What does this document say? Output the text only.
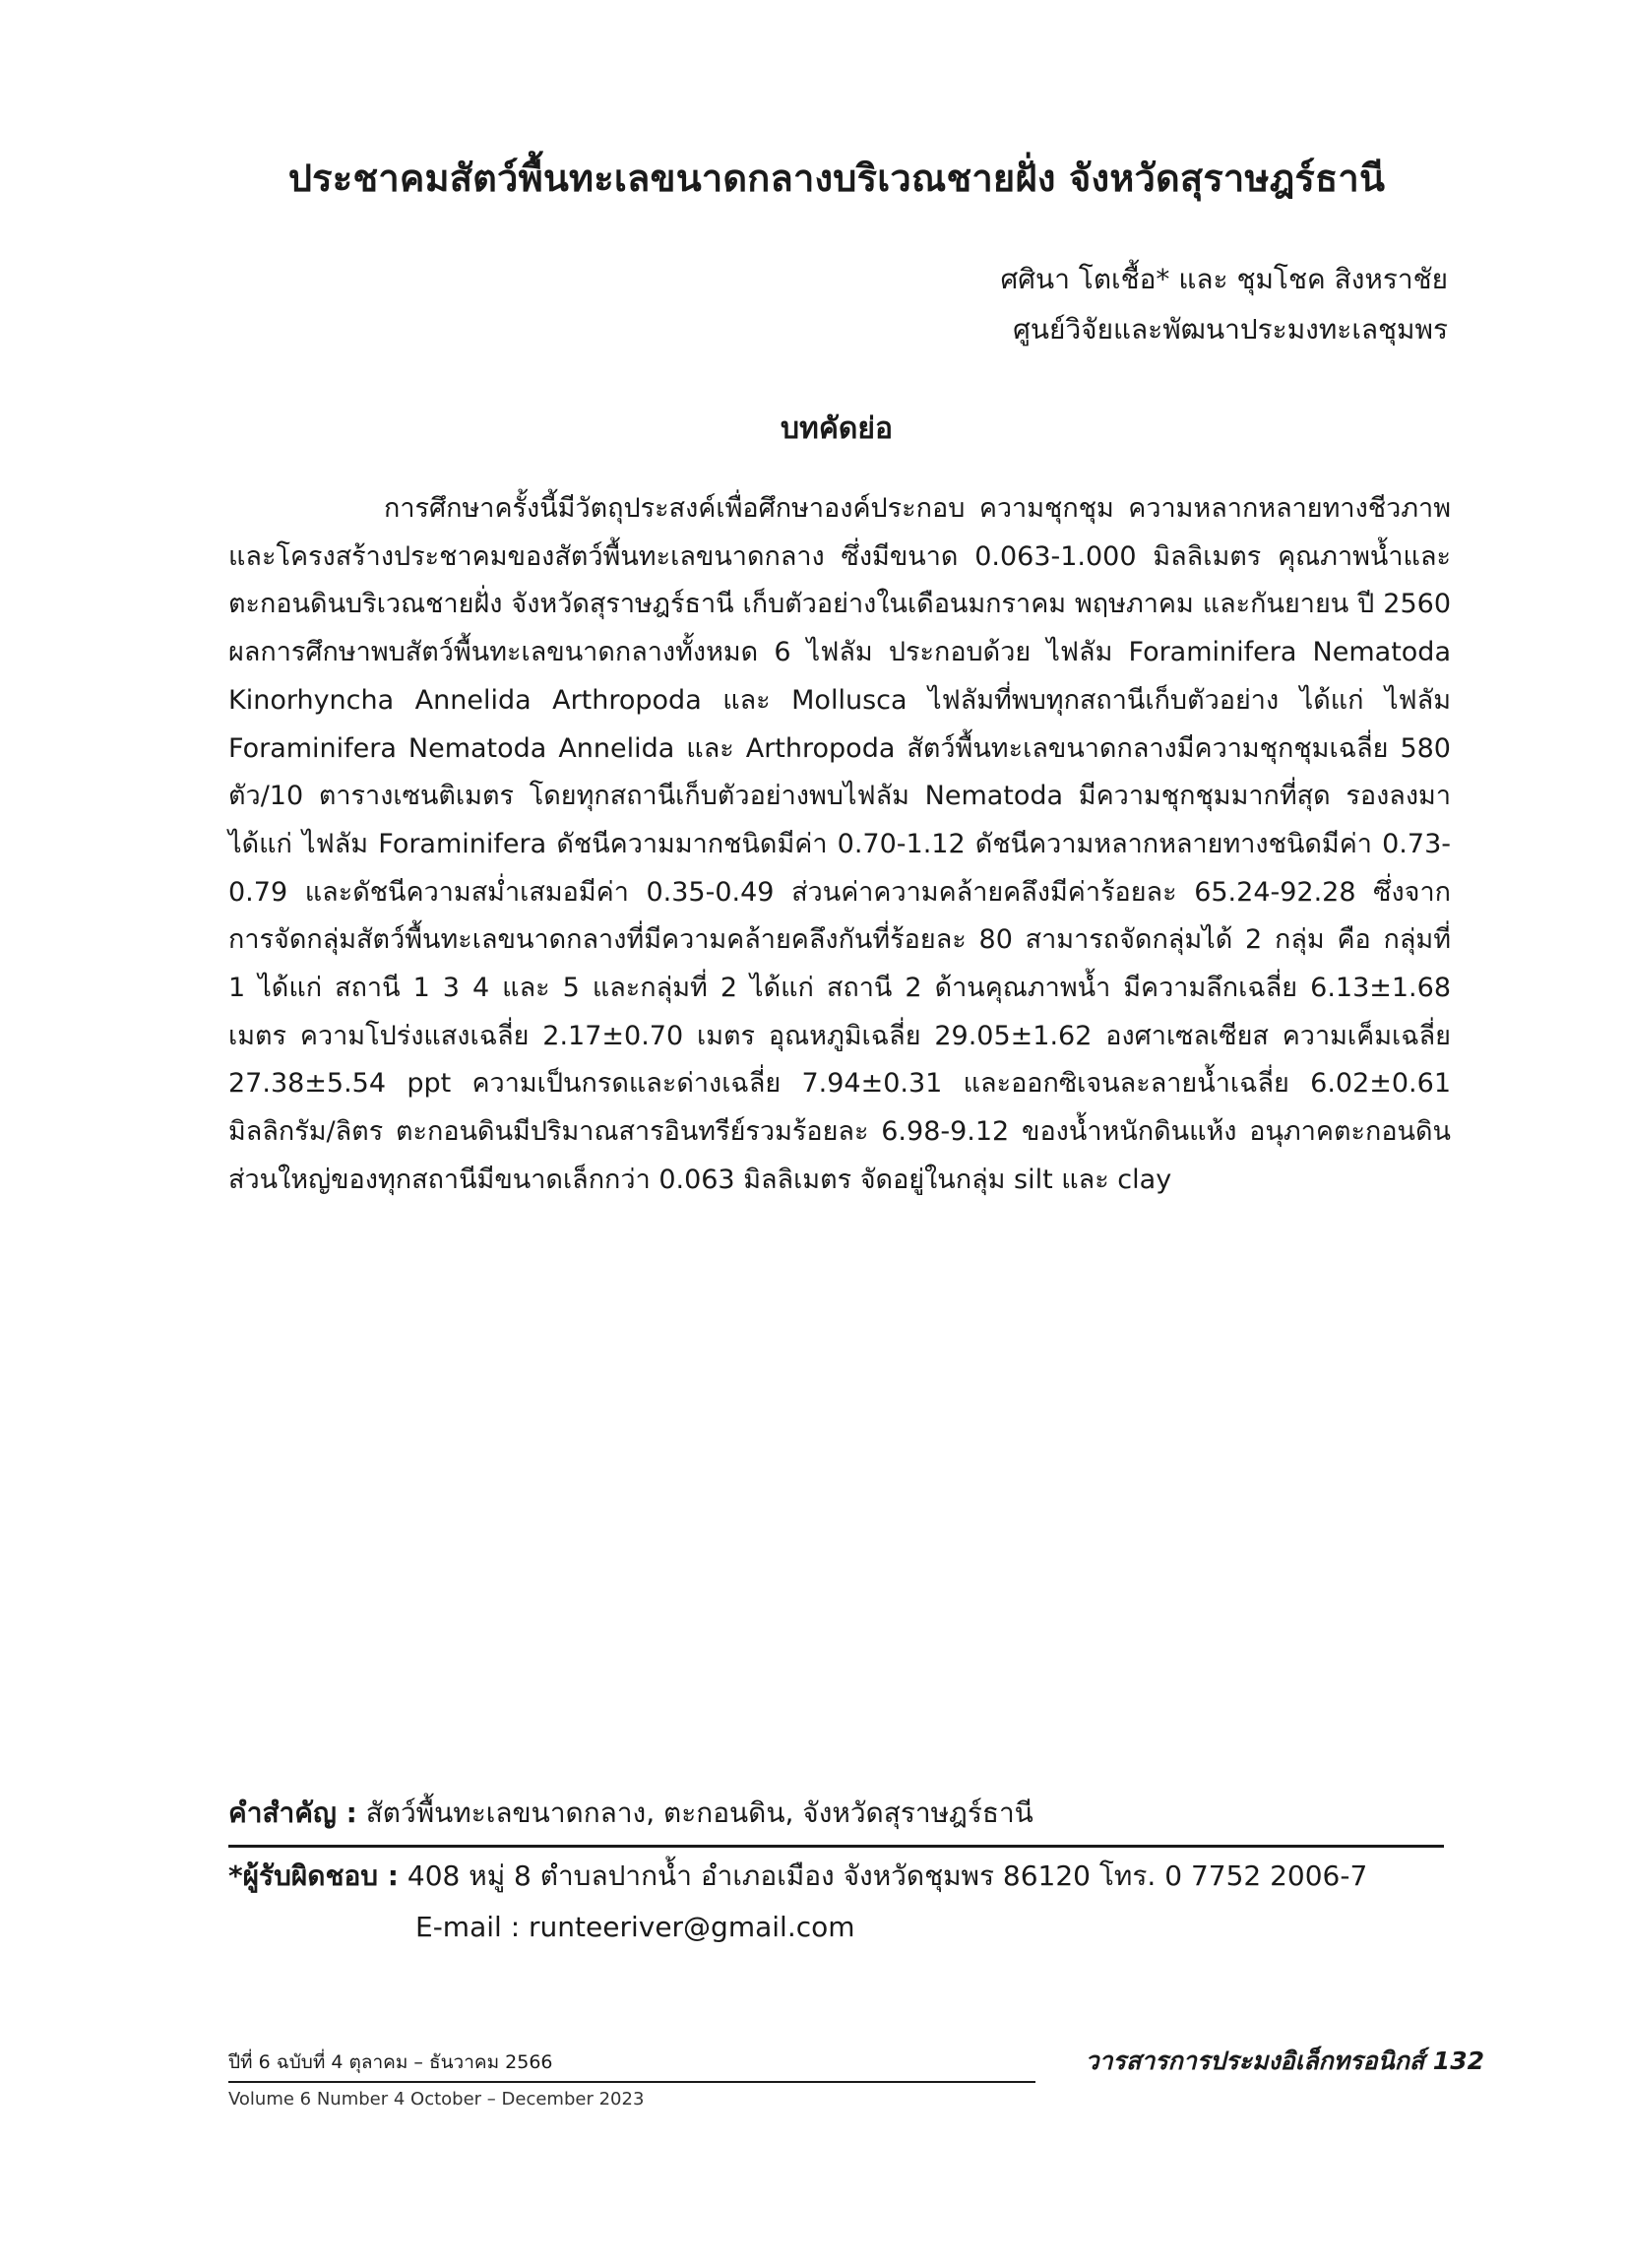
ประชาคมสัตว์พื้นทะเลขนาดกลางบริเวณชายฝั่ง จังหวัดสุราษฎร์ธานี
ศศินา โตเชื้อ* และ ชุมโชค สิงหราชัย
ศูนย์วิจัยและพัฒนาประมงทะเลชุมพร
บทคัดย่อ
การศึกษาครั้งนี้มีวัตถุประสงค์เพื่อศึกษาองค์ประกอบ ความชุกชุม ความหลากหลายทางชีวภาพและโครงสร้างประชาคมของสัตว์พื้นทะเลขนาดกลาง ซึ่งมีขนาด 0.063-1.000 มิลลิเมตร คุณภาพน้ำและตะกอนดินบริเวณชายฝั่ง จังหวัดสุราษฎร์ธานี เก็บตัวอย่างในเดือนมกราคม พฤษภาคม และกันยายน ปี 2560 ผลการศึกษาพบสัตว์พื้นทะเลขนาดกลางทั้งหมด 6 ไฟลัม ประกอบด้วย ไฟลัม Foraminifera Nematoda Kinorhyncha Annelida Arthropoda และ Mollusca ไฟลัมที่พบทุกสถานีเก็บตัวอย่าง ได้แก่ ไฟลัม Foraminifera Nematoda Annelida และ Arthropoda สัตว์พื้นทะเลขนาดกลางมีความชุกชุมเฉลี่ย 580 ตัว/10 ตารางเซนติเมตร โดยทุกสถานีเก็บตัวอย่างพบไฟลัม Nematoda มีความชุกชุมมากที่สุด รองลงมาได้แก่ ไฟลัม Foraminifera ดัชนีความมากชนิดมีค่า 0.70-1.12 ดัชนีความหลากหลายทางชนิดมีค่า 0.73-0.79 และดัชนีความสม่ำเสมอมีค่า 0.35-0.49 ส่วนค่าความคล้ายคลึงมีค่าร้อยละ 65.24-92.28 ซึ่งจากการจัดกลุ่มสัตว์พื้นทะเลขนาดกลางที่มีความคล้ายคลึงกันที่ร้อยละ 80 สามารถจัดกลุ่มได้ 2 กลุ่ม คือ กลุ่มที่ 1 ได้แก่ สถานี 1 3 4 และ 5 และกลุ่มที่ 2 ได้แก่ สถานี 2 ด้านคุณภาพน้ำ มีความลึกเฉลี่ย 6.13±1.68 เมตร ความโปร่งแสงเฉลี่ย 2.17±0.70 เมตร อุณหภูมิเฉลี่ย 29.05±1.62 องศาเซลเซียส ความเค็มเฉลี่ย 27.38±5.54 ppt ความเป็นกรดและด่างเฉลี่ย 7.94±0.31 และออกซิเจนละลายน้ำเฉลี่ย 6.02±0.61 มิลลิกรัม/ลิตร ตะกอนดินมีปริมาณสารอินทรีย์รวมร้อยละ 6.98-9.12 ของน้ำหนักดินแห้ง อนุภาคตะกอนดินส่วนใหญ่ของทุกสถานีมีขนาดเล็กกว่า 0.063 มิลลิเมตร จัดอยู่ในกลุ่ม silt และ clay
คำสำคัญ : สัตว์พื้นทะเลขนาดกลาง, ตะกอนดิน, จังหวัดสุราษฎร์ธานี
*ผู้รับผิดชอบ : 408 หมู่ 8 ตำบลปากน้ำ อำเภอเมือง จังหวัดชุมพร 86120 โทร. 0 7752 2006-7
E-mail : runteeriver@gmail.com
ปีที่ 6 ฉบับที่ 4 ตุลาคม – ธันวาคม 2566
Volume 6 Number 4 October – December 2023
วารสารการประมงอิเล็กทรอนิกส์ 132
